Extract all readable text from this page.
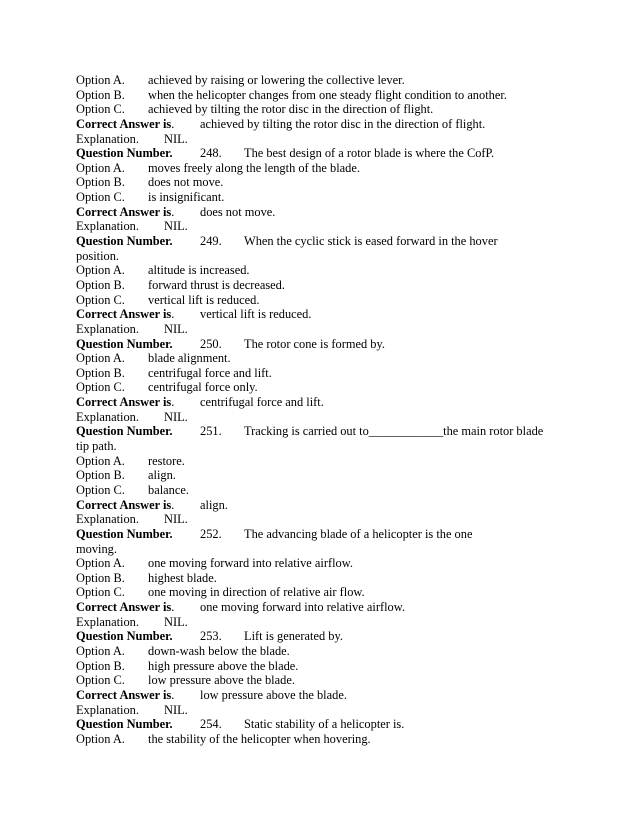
Option A. achieved by raising or lowering the collective lever.
Option B. when the helicopter changes from one steady flight condition to another.
Option C. achieved by tilting the rotor disc in the direction of flight.
Correct Answer is. achieved by tilting the rotor disc in the direction of flight.
Explanation. NIL.
Question Number. 248. The best design of a rotor blade is where the CofP.
Option A. moves freely along the length of the blade.
Option B. does not move.
Option C. is insignificant.
Correct Answer is. does not move.
Explanation. NIL.
Question Number. 249. When the cyclic stick is eased forward in the hover
position.
Option A. altitude is increased.
Option B. forward thrust is decreased.
Option C. vertical lift is reduced.
Correct Answer is. vertical lift is reduced.
Explanation. NIL.
Question Number. 250. The rotor cone is formed by.
Option A. blade alignment.
Option B. centrifugal force and lift.
Option C. centrifugal force only.
Correct Answer is. centrifugal force and lift.
Explanation. NIL.
Question Number. 251. Tracking is carried out to____________the main rotor blade
tip path.
Option A. restore.
Option B. align.
Option C. balance.
Correct Answer is. align.
Explanation. NIL.
Question Number. 252. The advancing blade of a helicopter is the one
moving.
Option A. one moving forward into relative airflow.
Option B. highest blade.
Option C. one moving in direction of relative air flow.
Correct Answer is. one moving forward into relative airflow.
Explanation. NIL.
Question Number. 253. Lift is generated by.
Option A. down-wash below the blade.
Option B. high pressure above the blade.
Option C. low pressure above the blade.
Correct Answer is. low pressure above the blade.
Explanation. NIL.
Question Number. 254. Static stability of a helicopter is.
Option A. the stability of the helicopter when hovering.
